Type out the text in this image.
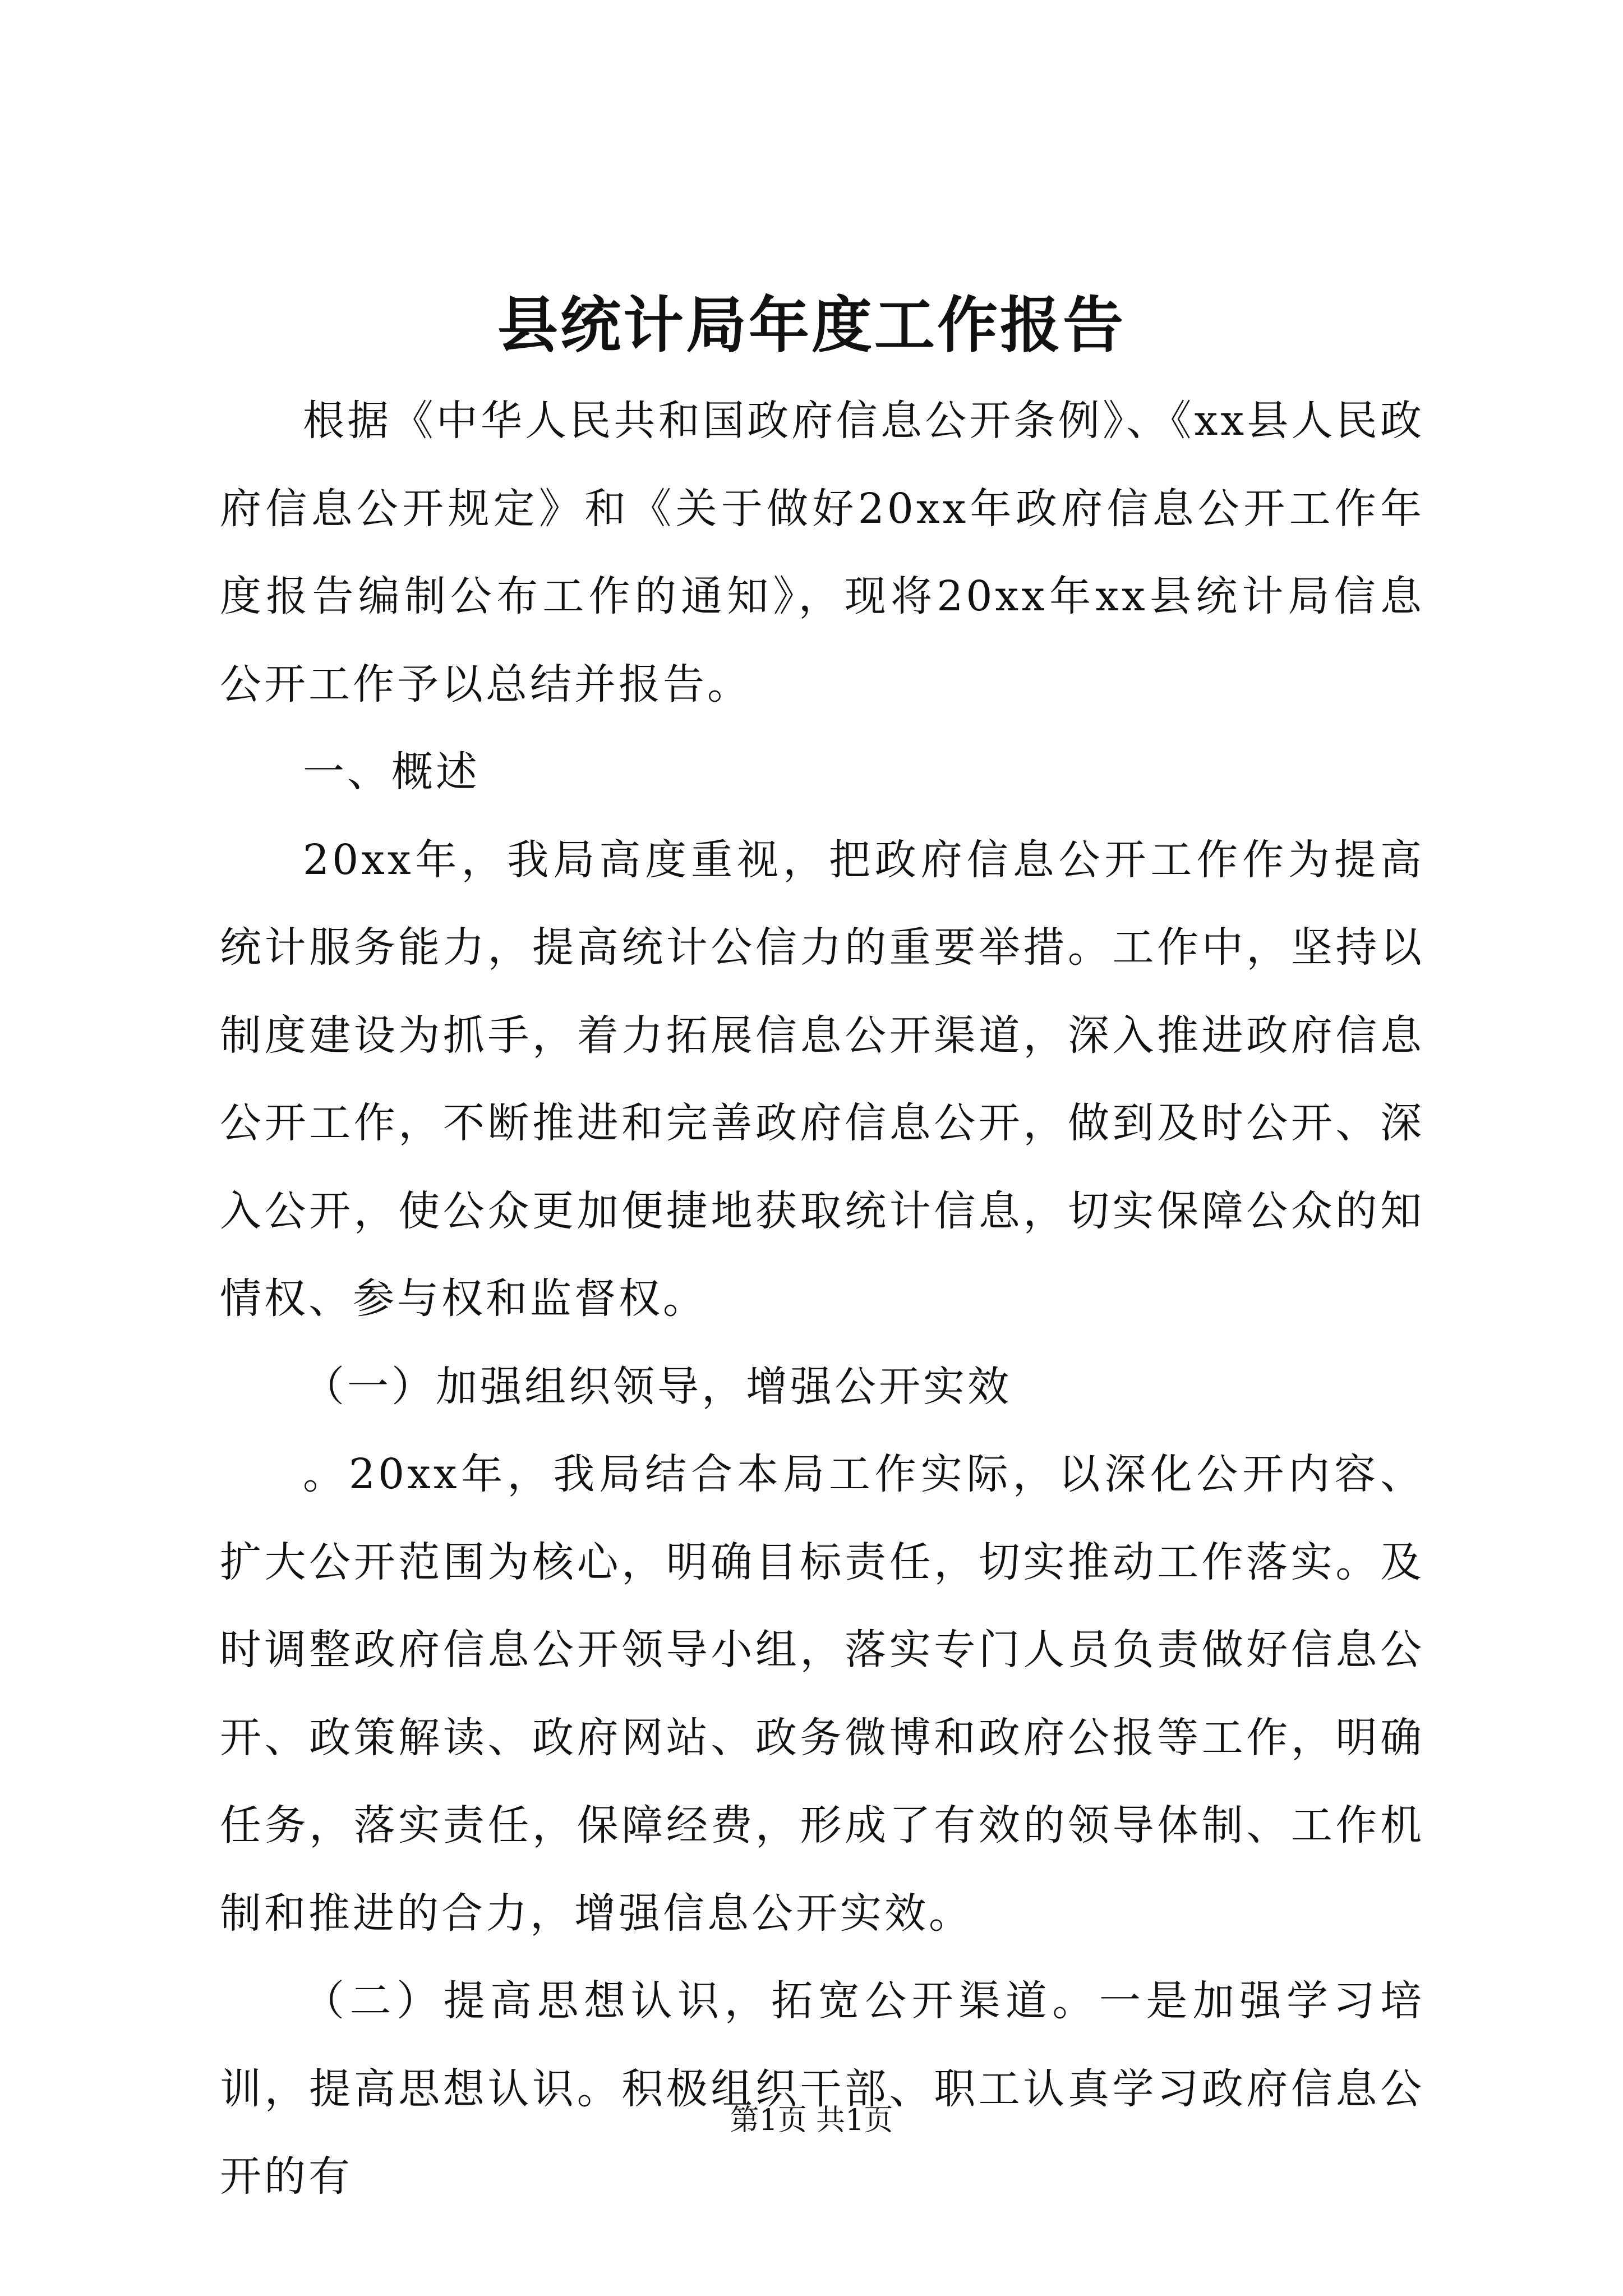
县统计局年度工作报告

根据《中华人民共和国政府信息公开条例》、《xx县人民政府信息公开规定》和《关于做好20xx年政府信息公开工作年度报告编制公布工作的通知》，现将20xx年xx县统计局信息公开工作予以总结并报告。

一、概述

20xx年，我局高度重视，把政府信息公开工作作为提高统计服务能力，提高统计公信力的重要举措。工作中，坚持以制度建设为抓手，着力拓展信息公开渠道，深入推进政府信息公开工作，不断推进和完善政府信息公开，做到及时公开、深入公开，使公众更加便捷地获取统计信息，切实保障公众的知情权、参与权和监督权。

（一）加强组织领导，增强公开实效

。20xx年，我局结合本局工作实际，以深化公开内容、扩大公开范围为核心，明确目标责任，切实推动工作落实。及时调整政府信息公开领导小组，落实专门人员负责做好信息公开、政策解读、政府网站、政务微博和政府公报等工作，明确任务，落实责任，保障经费，形成了有效的领导体制、工作机制和推进的合力，增强信息公开实效。

（二）提高思想认识，拓宽公开渠道。一是加强学习培训，提高思想认识。积极组织干部、职工认真学习政府信息公开的有

第1页 共1页
